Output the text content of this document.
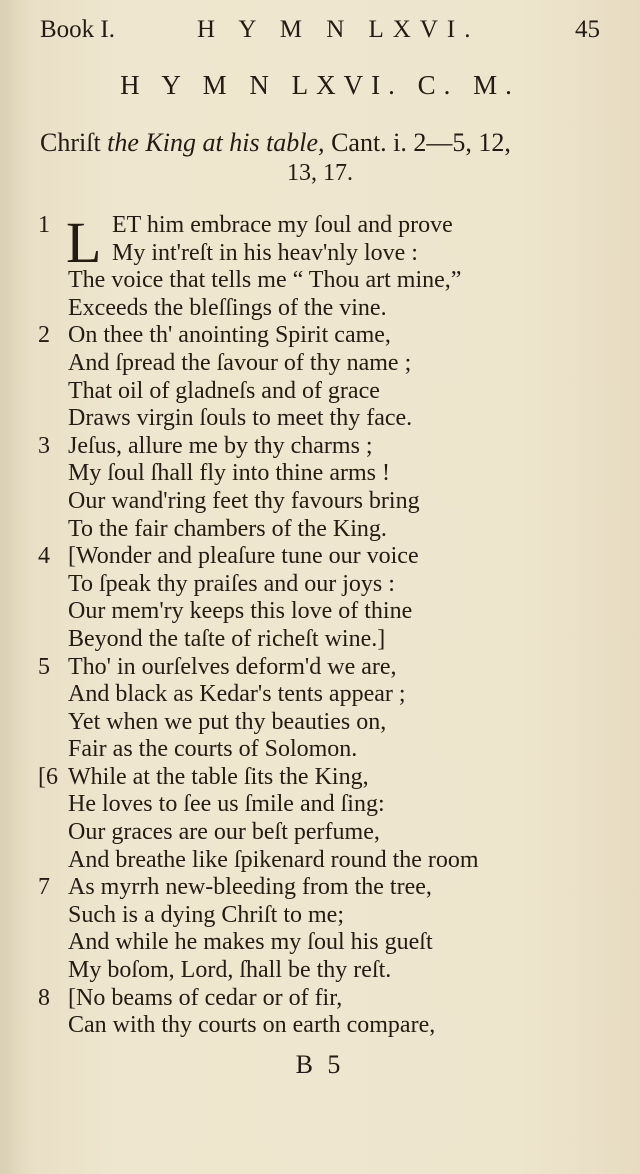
Book I.	H Y M N LXVI.	45
H Y M N LXVI. C. M.
Chriſt the King at his table, Cant. i. 2—5, 12,
13, 17.
1 L ET him embrace my ſoul and prove
My int'reſt in his heav'nly love :
The voice that tells me “ Thou art mine,”
Exceeds the bleſſings of the vine.
2 On thee th' anointing Spirit came,
And ſpread the ſavour of thy name ;
That oil of gladneſs and of grace
Draws virgin ſouls to meet thy face.
3 Jeſus, allure me by thy charms ;
My ſoul ſhall fly into thine arms !
Our wand'ring feet thy favours bring
To the fair chambers of the King.
4 [Wonder and pleaſure tune our voice
To ſpeak thy praiſes and our joys :
Our mem'ry keeps this love of thine
Beyond the taſte of richeſt wine.]
5 Tho' in ourſelves deform'd we are,
And black as Kedar's tents appear ;
Yet when we put thy beauties on,
Fair as the courts of Solomon.
[6 While at the table ſits the King,
He loves to ſee us ſmile and ſing:
Our graces are our beſt perfume,
And breathe like ſpikenard round the room
7 As myrrh new-bleeding from the tree,
Such is a dying Chriſt to me;
And while he makes my ſoul his gueſt
My boſom, Lord, ſhall be thy reſt.
8 [No beams of cedar or of fir,
Can with thy courts on earth compare,
B 5
